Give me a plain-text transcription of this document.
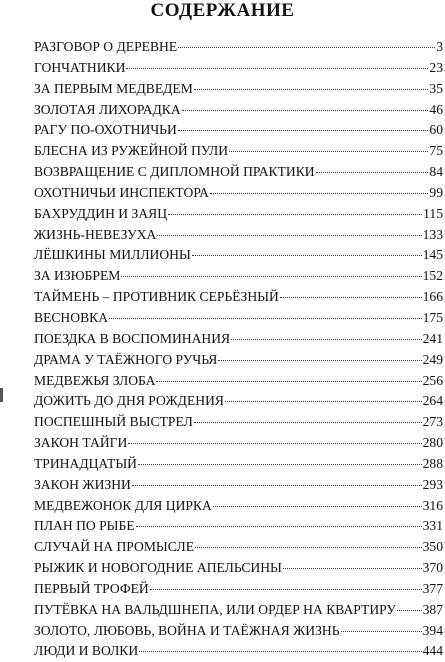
СОДЕРЖАНИЕ
РАЗГОВОР О ДЕРЕВНЕ	3
ГОНЧАТНИКИ	23
ЗА ПЕРВЫМ МЕДВЕДЕМ	35
ЗОЛОТАЯ ЛИХОРАДКА	46
РАГУ ПО-ОХОТНИЧЬИ	60
БЛЕСНА ИЗ РУЖЕЙНОЙ ПУЛИ	75
ВОЗВРАЩЕНИЕ С ДИПЛОМНОЙ ПРАКТИКИ	84
ОХОТНИЧЬИ ИНСПЕКТОРА	99
БАХРУДДИН И ЗАЯЦ	115
ЖИЗНЬ-НЕВЕЗУХА	133
ЛЁШКИНЫ МИЛЛИОНЫ	145
ЗА ИЗЮБРЕМ	152
ТАЙМЕНЬ – ПРОТИВНИК СЕРЬЁЗНЫЙ	166
ВЕСНОВКА	175
ПОЕЗДКА В ВОСПОМИНАНИЯ	241
ДРАМА У ТАЁЖНОГО РУЧЬЯ	249
МЕДВЕЖЬЯ ЗЛОБА	256
ДОЖИТЬ ДО ДНЯ РОЖДЕНИЯ	264
ПОСПЕШНЫЙ ВЫСТРЕЛ	273
ЗАКОН ТАЙГИ	280
ТРИНАДЦАТЫЙ	288
ЗАКОН ЖИЗНИ	293
МЕДВЕЖОНОК ДЛЯ ЦИРКА	316
ПЛАН ПО РЫБЕ	331
СЛУЧАЙ НА ПРОМЫСЛЕ	350
РЫЖИК И НОВОГОДНИЕ АПЕЛЬСИНЫ	370
ПЕРВЫЙ ТРОФЕЙ	377
ПУТЁВКА НА ВАЛЬДШНЕПА, ИЛИ ОРДЕР НА КВАРТИРУ 387
ЗОЛОТО, ЛЮБОВЬ, ВОЙНА И ТАЁЖНАЯ ЖИЗНЬ	394
ЛЮДИ И ВОЛКИ	444
